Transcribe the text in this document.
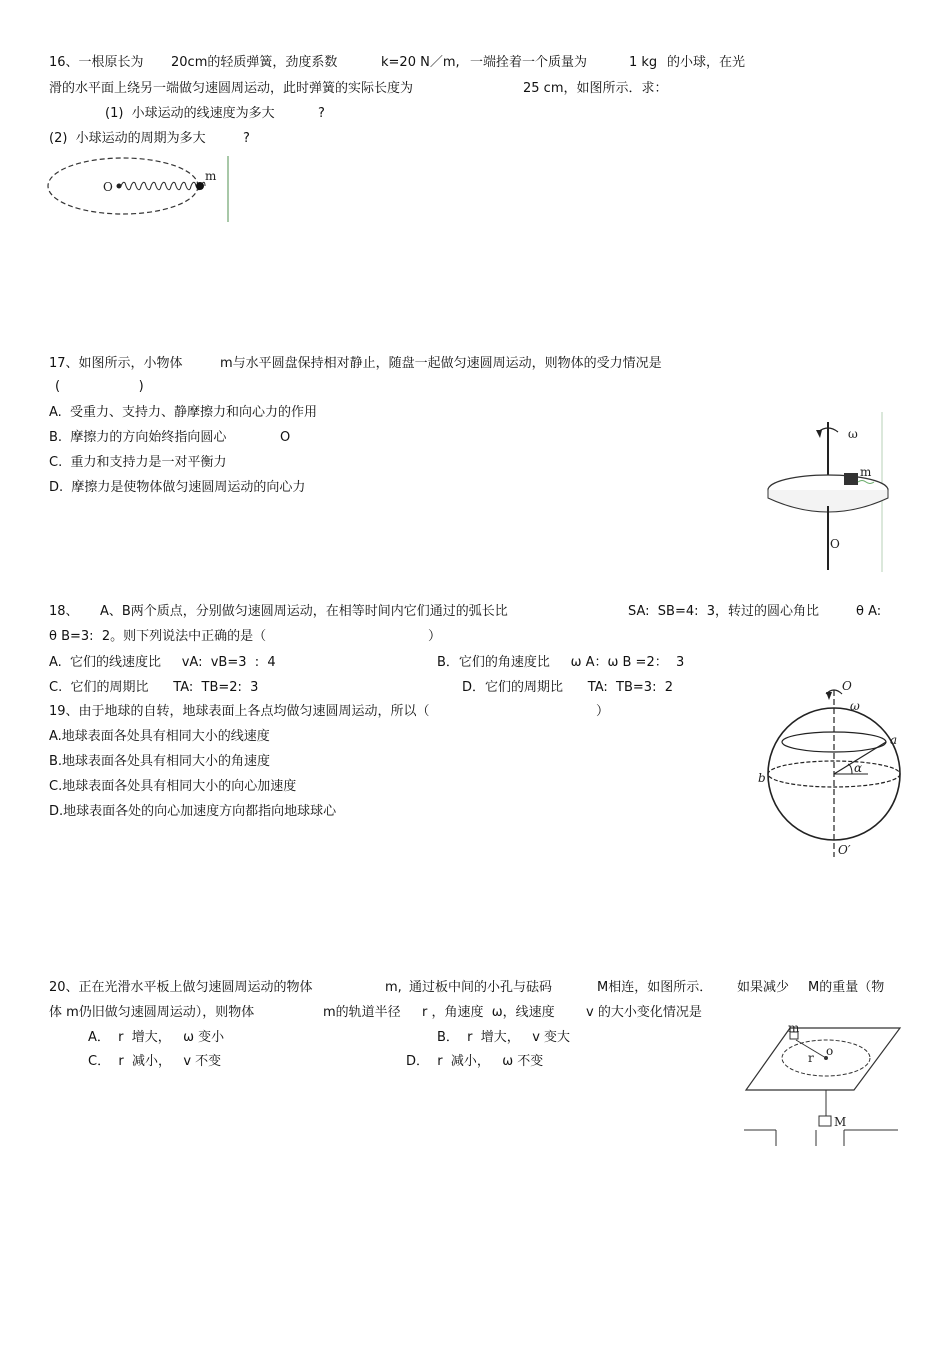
16、一根原长为 20cm的轻质弹簧，劲度系数	k=20 N／m, 一端拴着一个质量为	1 kg 的小球，在光
滑的水平面上绕另一端做匀速圆周运动，此时弹簧的实际长度为	25 cm，如图所示．求：
(1)  小球运动的线速度为多大	?
(2)  小球运动的周期为多大	?
O
m
17、如图所示，小物体	m与水平圆盘保持相对静止，随盘一起做匀速圆周运动，则物体的受力情况是
(                   )
A.  受重力、支持力、静摩擦力和向心力的作用
B.  摩擦力的方向始终指向圆心	O
C.  重力和支持力是一对平衡力
D.  摩擦力是使物体做匀速圆周运动的向心力
ω
m
O
18、 A、B两个质点，分别做匀速圆周运动，在相等时间内它们通过的弧长比	SA:  SB=4:  3，转过的圆心角比	θ A:
θ B=3:  2。则下列说法中正确的是（	）
A.  它们的线速度比     vA:  vB=3  :  4	B．它们的角速度比     ω A：ω B =2：  3
C.  它们的周期比      TA:  TB=2:  3	D．它们的周期比      TA:  TB=3:  2
19、由于地球的自转，地球表面上各点均做匀速圆周运动，所以（	）
A.地球表面各处具有相同大小的线速度
B.地球表面各处具有相同大小的角速度
C.地球表面各处具有相同大小的向心加速度
D.地球表面各处的向心加速度方向都指向地球球心
O
ω
a
b
α
O′
20、正在光滑水平板上做匀速圆周运动的物体	m, 通过板中间的小孔与砝码	M相连，如图所示． 如果减少 M的重量（物
体 m仍旧做匀速圆周运动），则物体	m的轨道半径 r ，角速度  ω，线速度 v 的大小变化情况是
A．  r  增大，   ω 变小	B．  r  增大，   v 变大
C．  r  减小，   v 不变	D．  r  减小，   ω 不变
m
r o
M
